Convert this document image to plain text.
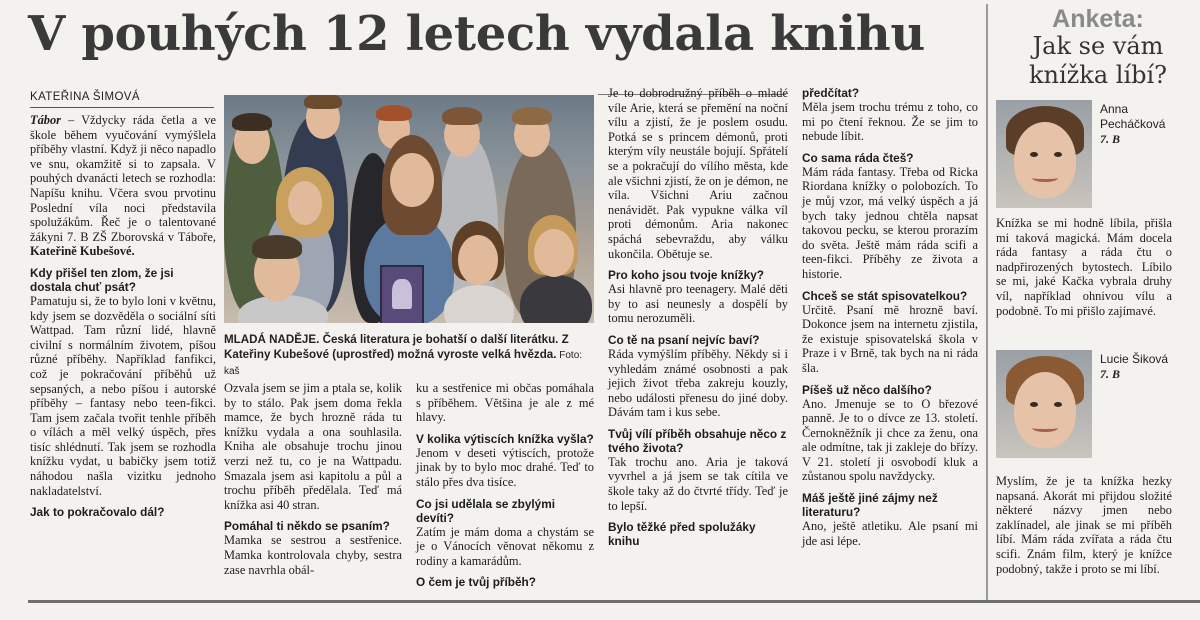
V pouhých 12 letech vydala knihu
KATEŘINA ŠIMOVÁ

Tábor – Vždycky ráda četla a ve škole během vyučování vymýšlela příběhy vlastní. Když ji něco napadlo ve snu, okamžitě si to zapsala. V pouhých dvanácti letech se rozhodla: Napíšu knihu. Včera svou prvotinu Poslední víla noci představila spolužákům. Řeč je o talentované žákyni 7. B ZŠ Zborovská v Táboře, Kateřině Kubešové.

Kdy přišel ten zlom, že jsi dostala chuť psát?

Pamatuju si, že to bylo loni v květnu, kdy jsem se dozvěděla o sociální síti Wattpad. Tam různí lidé, hlavně civilní s normálním životem, píšou různé příběhy. Například fanfikci, což je pokračování příběhů už sepsaných, a nebo píšou i autorské příběhy – fantasy nebo teen-fikci. Tam jsem začala tvořit tenhle příběh o vílách a měl velký úspěch, přes tisíc shlédnutí. Tak jsem se rozhodla knížku vydat, u babičky jsem totiž náhodou našla vizitku jednoho nakladatelství.

Jak to pokračovalo dál?
MLADÁ NADĚJE. Česká literatura je bohatší o další literátku. Z Kateřiny Kubešové (uprostřed) možná vyroste velká hvězda. Foto: kaš

Ozvala jsem se jim a ptala se, kolik by to stálo. Pak jsem doma řekla mamce, že bych hrozně ráda tu knížku vydala a ona souhlasila. Kniha ale obsahuje trochu jinou verzi než tu, co je na Wattpadu. Smazala jsem asi kapitolu a půl a trochu příběh předělala. Teď má knížka asi 40 stran.

Pomáhal ti někdo se psaním?

Mamka se sestrou a sestřenice. Mamka kontrolovala chyby, sestra zase navrhla obál-

ku a sestřenice mi občas pomáhala s příběhem. Většina je ale z mé hlavy.

V kolika výtiscích knížka vyšla?

Jenom v deseti výtiscích, protože jinak by to bylo moc drahé. Teď to stálo přes dva tisíce.

Co jsi udělala se zbylými devíti?

Zatím je mám doma a chystám se je o Vánocích věnovat někomu z rodiny a kamarádům.

O čem je tvůj příběh?

Je to dobrodružný příběh o mladé víle Arie, která se přemění na noční vílu a zjistí, že je poslem osudu. Potká se s princem démonů, proti kterým víly neustále bojují. Spřátelí se a pokračují do vílího města, kde ale všichni zjistí, že on je démon, ne víla. Všichni Ariu začnou nenávidět. Pak vypukne válka víl proti démonům. Aria nakonec spáchá sebevraždu, aby válku ukončila. Obětuje se.

Pro koho jsou tvoje knížky?

Asi hlavně pro teenagery. Malé děti by to asi neunesly a dospělí by tomu nerozuměli.

Co tě na psaní nejvíc baví?

Ráda vymýšlím příběhy. Někdy si i vyhledám známé osobnosti a pak jejich život třeba zakreju kouzly, nebo události přenesu do jiné doby. Dávám tam i kus sebe.

Tvůj vílí příběh obsahuje něco z tvého života?

Tak trochu ano. Aria je taková vyvrhel a já jsem se tak cítila ve škole taky až do čtvrté třídy. Teď je to lepší.

Bylo těžké před spolužáky knihu
předčítat?

Měla jsem trochu trému z toho, co mi po čtení řeknou. Že se jim to nebude líbit.

Co sama ráda čteš?

Mám ráda fantasy. Třeba od Ricka Riordana knížky o polobozích. To je můj vzor, má velký úspěch a já bych taky jednou chtěla napsat takovou pecku, se kterou prorazím do světa. Ještě mám ráda scifi a teen-fikci. Příběhy ze života a historie.

Chceš se stát spisovatelkou?

Určitě. Psaní mě hrozně baví. Dokonce jsem na internetu zjistila, že existuje spisovatelská škola v Praze i v Brně, tak bych na ni ráda šla.

Píšeš už něco dalšího?

Ano. Jmenuje se to O březové panně. Je to o dívce ze 13. století. Černokněžník ji chce za ženu, ona ale odmítne, tak ji zakleje do břízy. V 21. století ji osvobodí kluk a zůstanou spolu navždycky.

Máš ještě jiné zájmy než literaturu?

Ano, ještě atletiku. Ale psaní mi jde asi lépe.

Anketa:
Jak se vám knížka líbí?
Anna Pecháčková
7. B
Knížka se mi hodně líbila, přišla mi taková magická. Mám docela ráda fantasy a ráda čtu o nadpřirozených bytostech. Líbilo se mi, jaké Kačka vybrala druhy víl, například ohnivou vílu a podobně. To mi přišlo zajímavé.
Lucie Šiková
7. B
Myslím, že je ta knížka hezky napsaná. Akorát mi přijdou složité některé názvy jmen nebo zaklínadel, ale jinak se mi příběh líbí. Mám ráda zvířata a ráda čtu scifi. Znám film, který je knížce podobný, takže i proto se mi líbí.
